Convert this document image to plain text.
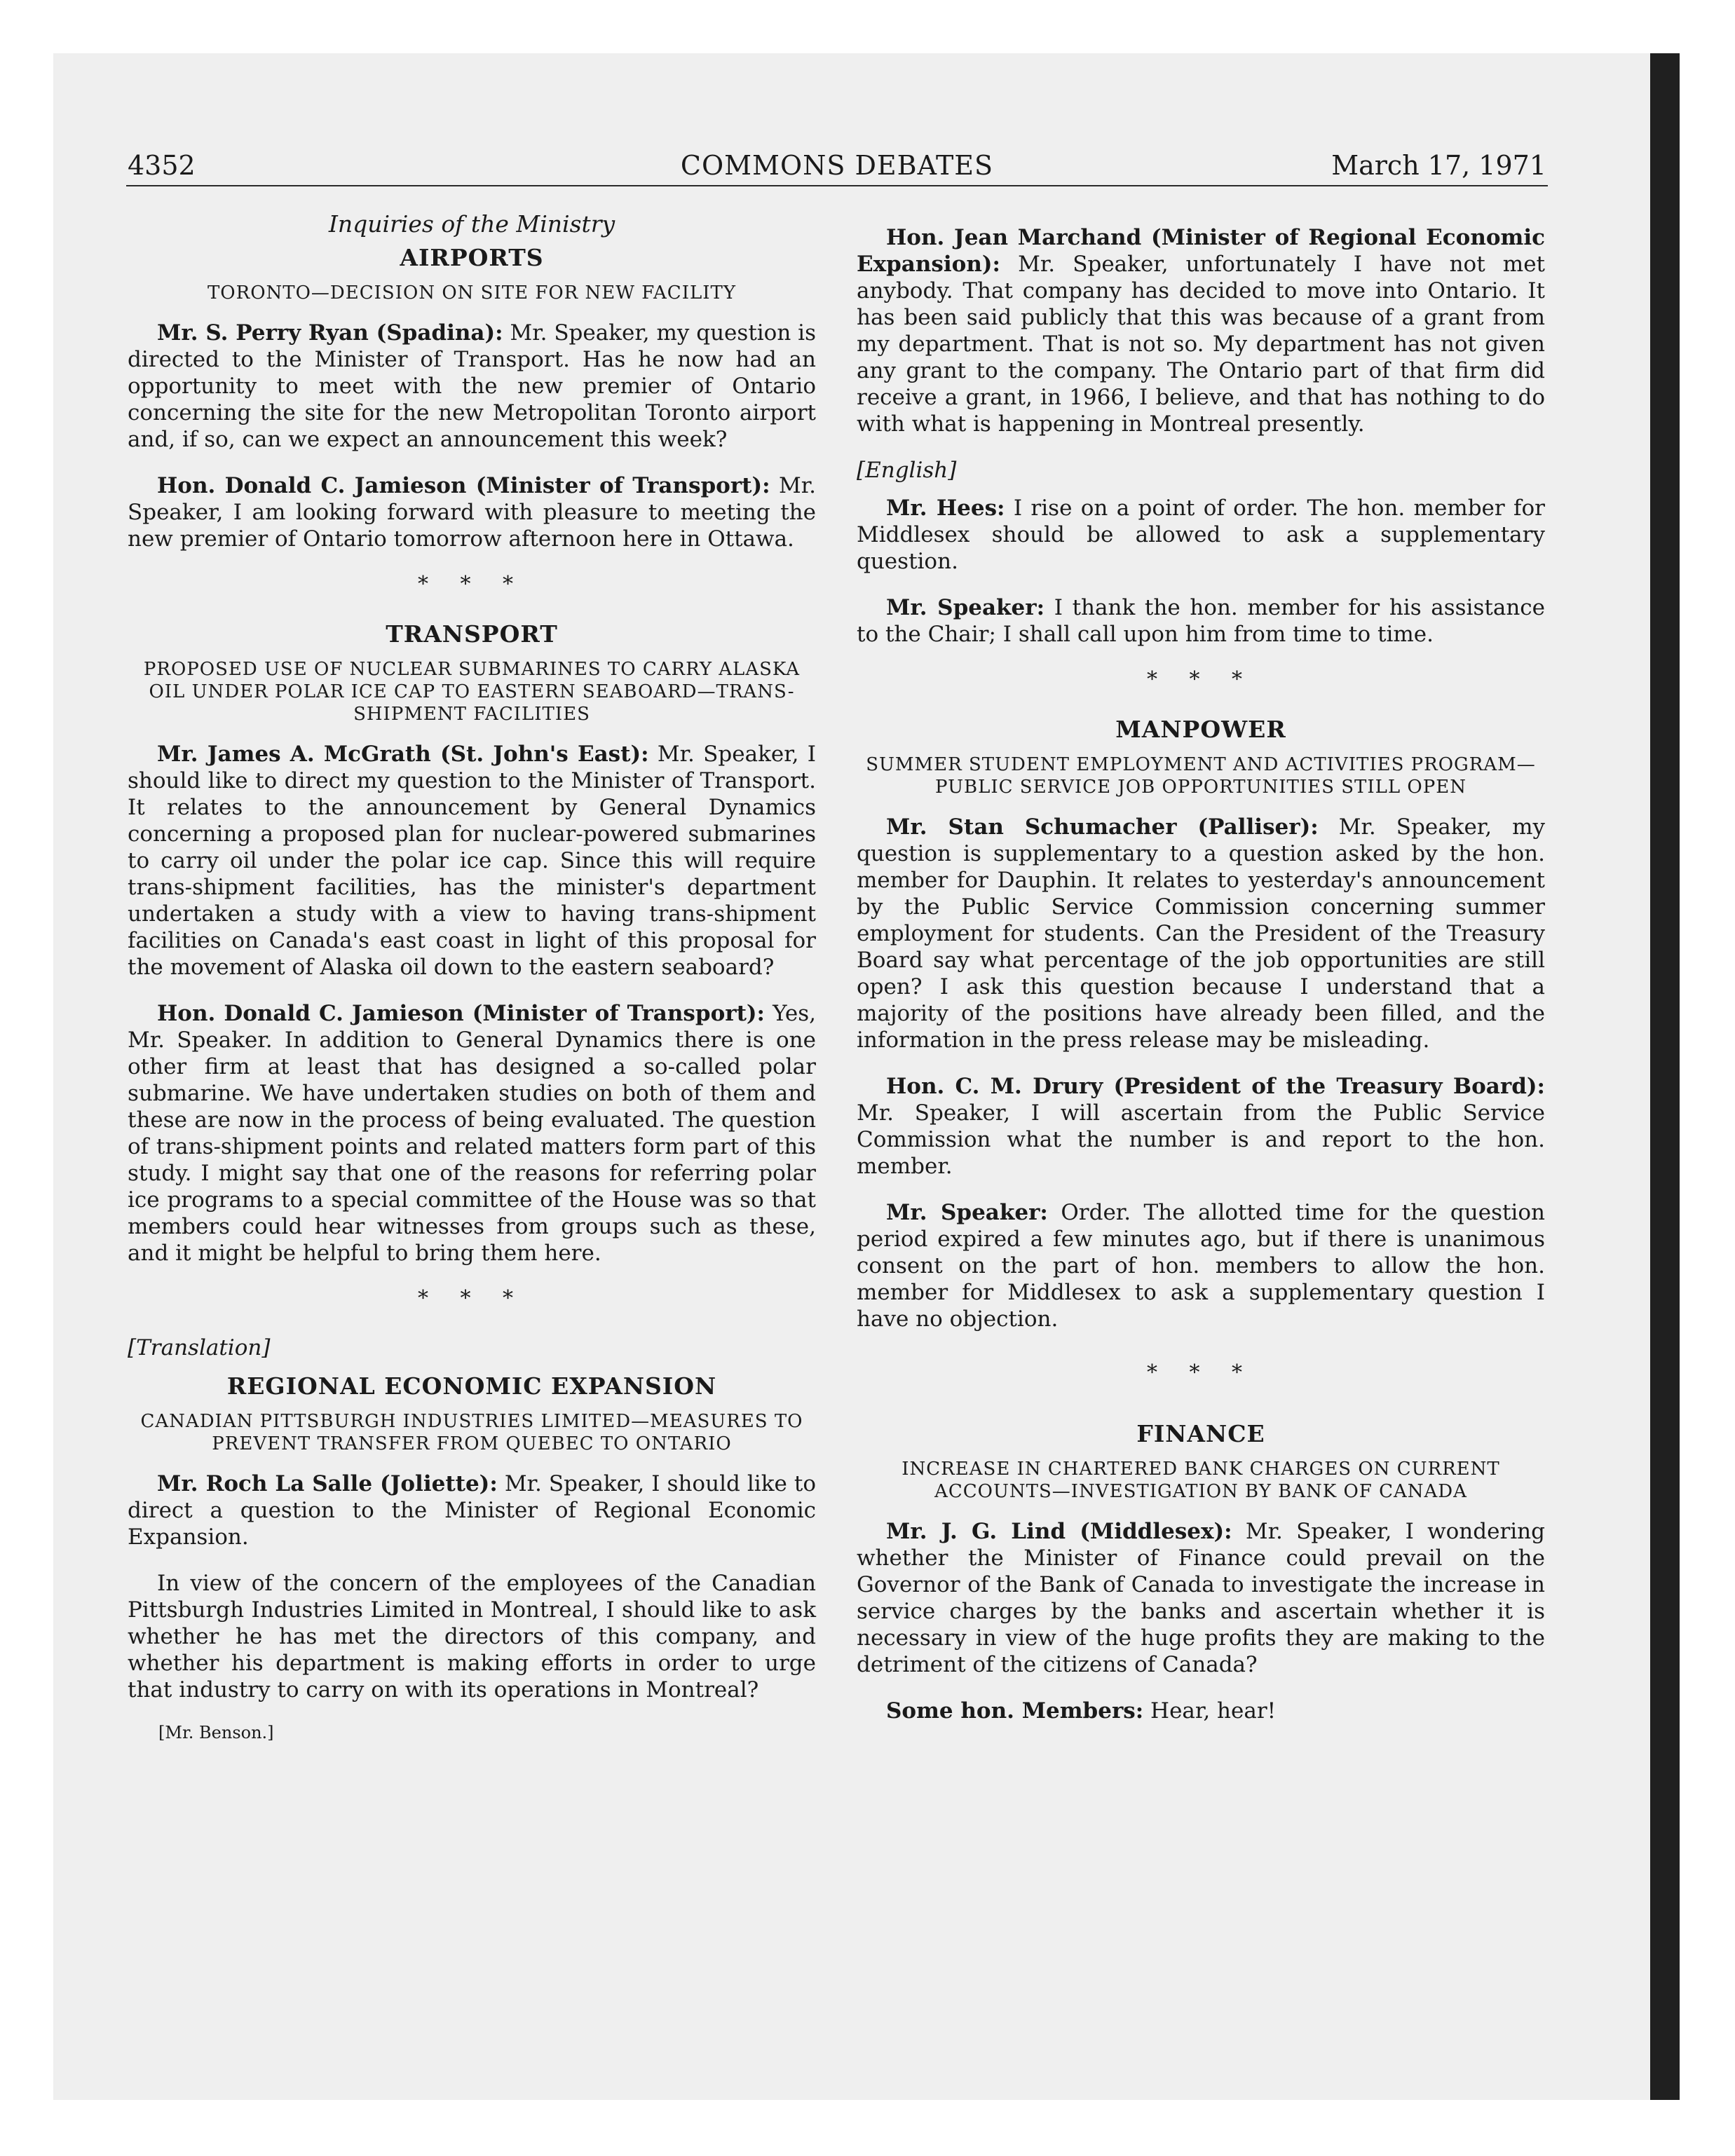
4352	COMMONS DEBATES	March 17, 1971
Inquiries of the Ministry
AIRPORTS
TORONTO—DECISION ON SITE FOR NEW FACILITY

Mr. S. Perry Ryan (Spadina): Mr. Speaker, my question is directed to the Minister of Transport. Has he now had an opportunity to meet with the new premier of Ontario concerning the site for the new Metropolitan Toronto airport and, if so, can we expect an announcement this week?

Hon. Donald C. Jamieson (Minister of Transport): Mr. Speaker, I am looking forward with pleasure to meeting the new premier of Ontario tomorrow afternoon here in Ottawa.

* * *
TRANSPORT
PROPOSED USE OF NUCLEAR SUBMARINES TO CARRY ALASKA OIL UNDER POLAR ICE CAP TO EASTERN SEABOARD—TRANS-SHIPMENT FACILITIES

Mr. James A. McGrath (St. John's East): Mr. Speaker, I should like to direct my question to the Minister of Transport. It relates to the announcement by General Dynamics concerning a proposed plan for nuclear-powered submarines to carry oil under the polar ice cap. Since this will require trans-shipment facilities, has the minister's department undertaken a study with a view to having trans-shipment facilities on Canada's east coast in light of this proposal for the movement of Alaska oil down to the eastern seaboard?

Hon. Donald C. Jamieson (Minister of Transport): Yes, Mr. Speaker. In addition to General Dynamics there is one other firm at least that has designed a so-called polar submarine. We have undertaken studies on both of them and these are now in the process of being evaluated. The question of trans-shipment points and related matters form part of this study. I might say that one of the reasons for referring polar ice programs to a special committee of the House was so that members could hear witnesses from groups such as these, and it might be helpful to bring them here.

* * *
[Translation]
REGIONAL ECONOMIC EXPANSION
CANADIAN PITTSBURGH INDUSTRIES LIMITED—MEASURES TO PREVENT TRANSFER FROM QUEBEC TO ONTARIO

Mr. Roch La Salle (Joliette): Mr. Speaker, I should like to direct a question to the Minister of Regional Economic Expansion.

In view of the concern of the employees of the Canadian Pittsburgh Industries Limited in Montreal, I should like to ask whether he has met the directors of this company, and whether his department is making efforts in order to urge that industry to carry on with its operations in Montreal?

[Mr. Benson.]

Hon. Jean Marchand (Minister of Regional Economic Expansion): Mr. Speaker, unfortunately I have not met anybody. That company has decided to move into Ontario. It has been said publicly that this was because of a grant from my department. That is not so. My department has not given any grant to the company. The Ontario part of that firm did receive a grant, in 1966, I believe, and that has nothing to do with what is happening in Montreal presently.

[English]

Mr. Hees: I rise on a point of order. The hon. member for Middlesex should be allowed to ask a supplementary question.

Mr. Speaker: I thank the hon. member for his assistance to the Chair; I shall call upon him from time to time.

* * *
MANPOWER
SUMMER STUDENT EMPLOYMENT AND ACTIVITIES PROGRAM—PUBLIC SERVICE JOB OPPORTUNITIES STILL OPEN

Mr. Stan Schumacher (Palliser): Mr. Speaker, my question is supplementary to a question asked by the hon. member for Dauphin. It relates to yesterday's announcement by the Public Service Commission concerning summer employment for students. Can the President of the Treasury Board say what percentage of the job opportunities are still open? I ask this question because I understand that a majority of the positions have already been filled, and the information in the press release may be misleading.

Hon. C. M. Drury (President of the Treasury Board): Mr. Speaker, I will ascertain from the Public Service Commission what the number is and report to the hon. member.

Mr. Speaker: Order. The allotted time for the question period expired a few minutes ago, but if there is unanimous consent on the part of hon. members to allow the hon. member for Middlesex to ask a supplementary question I have no objection.

* * *
FINANCE
INCREASE IN CHARTERED BANK CHARGES ON CURRENT ACCOUNTS—INVESTIGATION BY BANK OF CANADA

Mr. J. G. Lind (Middlesex): Mr. Speaker, I wondering whether the Minister of Finance could prevail on the Governor of the Bank of Canada to investigate the increase in service charges by the banks and ascertain whether it is necessary in view of the huge profits they are making to the detriment of the citizens of Canada?

Some hon. Members: Hear, hear!
